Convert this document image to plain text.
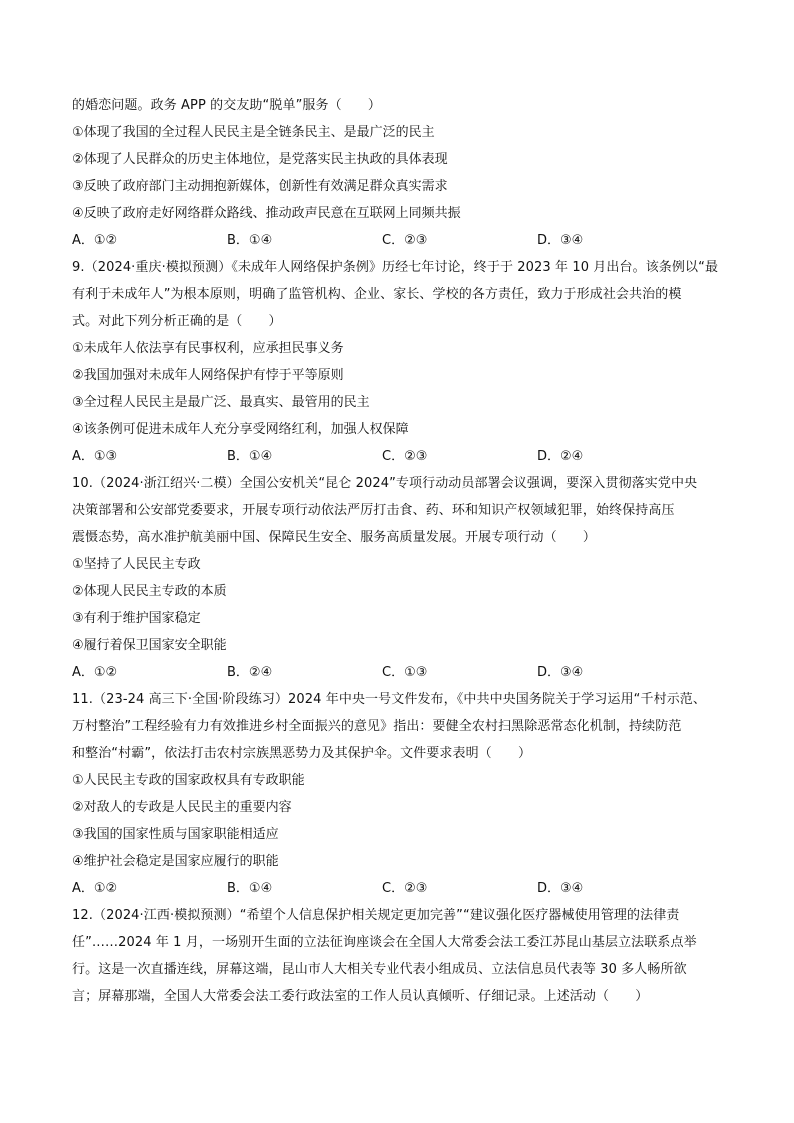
的婚恋问题。政务 APP 的交友助“脱单”服务（　　）
①体现了我国的全过程人民民主是全链条民主、是最广泛的民主
②体现了人民群众的历史主体地位，是党落实民主执政的具体表现
③反映了政府部门主动拥抱新媒体，创新性有效满足群众真实需求
④反映了政府走好网络群众路线、推动政声民意在互联网上同频共振
A．①②	B．①④	C．②③	D．③④
9.（2024·重庆·模拟预测）《未成年人网络保护条例》历经七年讨论，终于于 2023 年 10 月出台。该条例以“最
有利于未成年人”为根本原则，明确了监管机构、企业、家长、学校的各方责任，致力于形成社会共治的模
式。对此下列分析正确的是（　　）
①未成年人依法享有民事权利，应承担民事义务
②我国加强对未成年人网络保护有悖于平等原则
③全过程人民民主是最广泛、最真实、最管用的民主
④该条例可促进未成年人充分享受网络红利，加强人权保障
A．①③	B．①④	C．②③	D．②④
10.（2024·浙江绍兴·二模）全国公安机关“昆仑 2024”专项行动动员部署会议强调，要深入贯彻落实党中央
决策部署和公安部党委要求，开展专项行动依法严厉打击食、药、环和知识产权领域犯罪，始终保持高压
震慑态势，高水准护航美丽中国、保障民生安全、服务高质量发展。开展专项行动（　　）
①坚持了人民民主专政
②体现人民民主专政的本质
③有利于维护国家稳定
④履行着保卫国家安全职能
A．①②	B．②④	C．①③	D．③④
11.（23-24 高三下·全国·阶段练习）2024 年中央一号文件发布，《中共中央国务院关于学习运用“千村示范、
万村整治”工程经验有力有效推进乡村全面振兴的意见》指出：要健全农村扫黑除恶常态化机制，持续防范
和整治“村霸”，依法打击农村宗族黑恶势力及其保护伞。文件要求表明（　　）
①人民民主专政的国家政权具有专政职能
②对敌人的专政是人民民主的重要内容
③我国的国家性质与国家职能相适应
④维护社会稳定是国家应履行的职能
A．①②	B．①④	C．②③	D．③④
12.（2024·江西·模拟预测）“希望个人信息保护相关规定更加完善”“建议强化医疗器械使用管理的法律责
任”……2024 年 1 月，一场别开生面的立法征询座谈会在全国人大常委会法工委江苏昆山基层立法联系点举
行。这是一次直播连线，屏幕这端，昆山市人大相关专业代表小组成员、立法信息员代表等 30 多人畅所欲
言；屏幕那端，全国人大常委会法工委行政法室的工作人员认真倾听、仔细记录。上述活动（　　）
